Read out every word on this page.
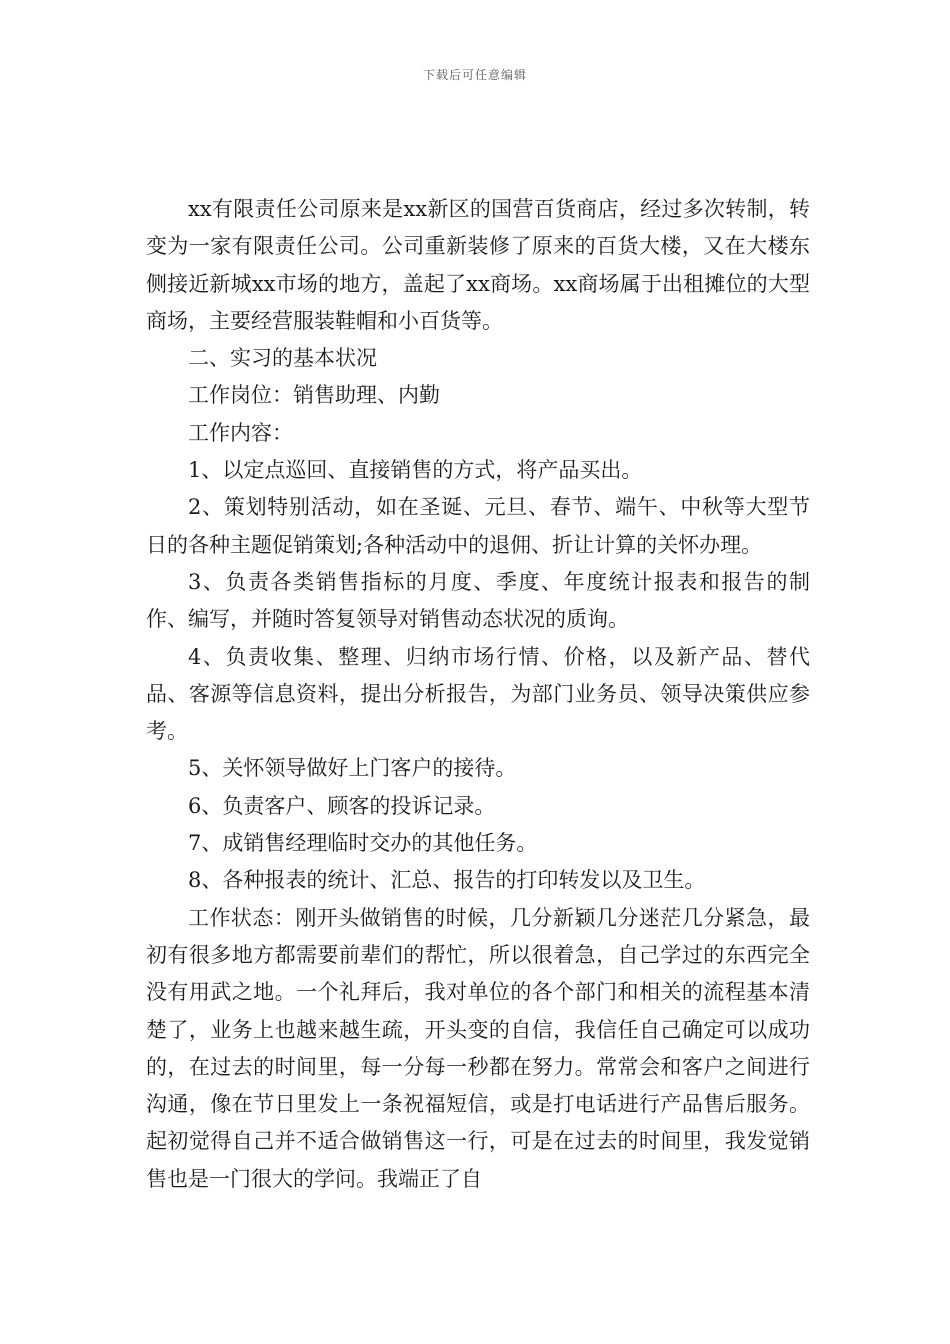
下载后可任意编辑

xx有限责任公司原来是xx新区的国营百货商店，经过多次转制，转变为一家有限责任公司。公司重新装修了原来的百货大楼，又在大楼东侧接近新城xx市场的地方，盖起了xx商场。xx商场属于出租摊位的大型商场，主要经营服装鞋帽和小百货等。

二、实习的基本状况

工作岗位：销售助理、内勤

工作内容：

1、以定点巡回、直接销售的方式，将产品买出。

2、策划特别活动，如在圣诞、元旦、春节、端午、中秋等大型节日的各种主题促销策划;各种活动中的退佣、折让计算的关怀办理。

3、负责各类销售指标的月度、季度、年度统计报表和报告的制作、编写，并随时答复领导对销售动态状况的质询。

4、负责收集、整理、归纳市场行情、价格，以及新产品、替代品、客源等信息资料，提出分析报告，为部门业务员、领导决策供应参考。

5、关怀领导做好上门客户的接待。

6、负责客户、顾客的投诉记录。

7、成销售经理临时交办的其他任务。

8、各种报表的统计、汇总、报告的打印转发以及卫生。

工作状态：刚开头做销售的时候，几分新颖几分迷茫几分紧急，最初有很多地方都需要前辈们的帮忙，所以很着急，自己学过的东西完全没有用武之地。一个礼拜后，我对单位的各个部门和相关的流程基本清楚了，业务上也越来越生疏，开头变的自信，我信任自己确定可以成功的，在过去的时间里，每一分每一秒都在努力。常常会和客户之间进行沟通，像在节日里发上一条祝福短信，或是打电话进行产品售后服务。起初觉得自己并不适合做销售这一行，可是在过去的时间里，我发觉销售也是一门很大的学问。我端正了自
